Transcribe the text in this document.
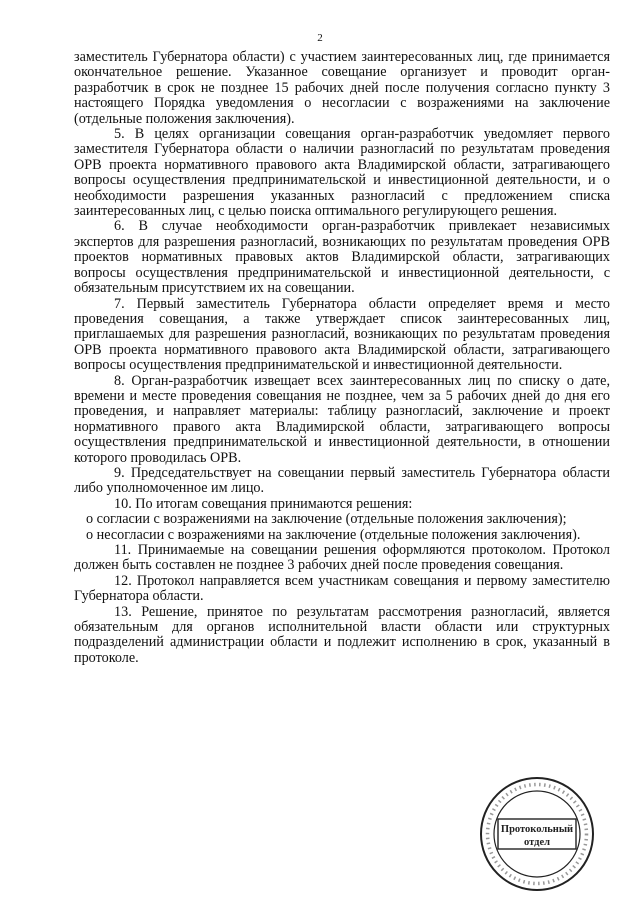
2

заместитель Губернатора области) с участием заинтересованных лиц, где принимается окончательное решение. Указанное совещание организует и проводит орган-разработчик в срок не позднее 15 рабочих дней после получения согласно пункту 3 настоящего Порядка уведомления о несогласии с возражениями на заключение (отдельные положения заключения).

5. В целях организации совещания орган-разработчик уведомляет первого заместителя Губернатора области о наличии разногласий по результатам проведения ОРВ проекта нормативного правового акта Владимирской области, затрагивающего вопросы осуществления предпринимательской и инвестиционной деятельности, и о необходимости разрешения указанных разногласий с предложением списка заинтересованных лиц, с целью поиска оптимального регулирующего решения.

6. В случае необходимости орган-разработчик привлекает независимых экспертов для разрешения разногласий, возникающих по результатам проведения ОРВ проектов нормативных правовых актов Владимирской области, затрагивающих вопросы осуществления предпринимательской и инвестиционной деятельности, с обязательным присутствием их на совещании.

7. Первый заместитель Губернатора области определяет время и место проведения совещания, а также утверждает список заинтересованных лиц, приглашаемых для разрешения разногласий, возникающих по результатам проведения ОРВ проекта нормативного правового акта Владимирской области, затрагивающего вопросы осуществления предпринимательской и инвестиционной деятельности.

8. Орган-разработчик извещает всех заинтересованных лиц по списку о дате, времени и месте проведения совещания не позднее, чем за 5 рабочих дней до дня его проведения, и направляет материалы: таблицу разногласий, заключение и проект нормативного правого акта Владимирской области, затрагивающего вопросы осуществления предпринимательской и инвестиционной деятельности, в отношении которого проводилась ОРВ.

9. Председательствует на совещании первый заместитель Губернатора области либо уполномоченное им лицо.

10. По итогам совещания принимаются решения:

о согласии с возражениями на заключение (отдельные положения заключения);

о несогласии с возражениями на заключение (отдельные положения заключения).

11. Принимаемые на совещании решения оформляются протоколом. Протокол должен быть составлен не позднее 3 рабочих дней после проведения совещания.

12. Протокол направляется всем участникам совещания и первому заместителю Губернатора области.

13. Решение, принятое по результатам рассмотрения разногласий, является обязательным для органов исполнительной власти области или структурных подразделений администрации области и подлежит исполнению в срок, указанный в протоколе.

Протокольный
отдел
